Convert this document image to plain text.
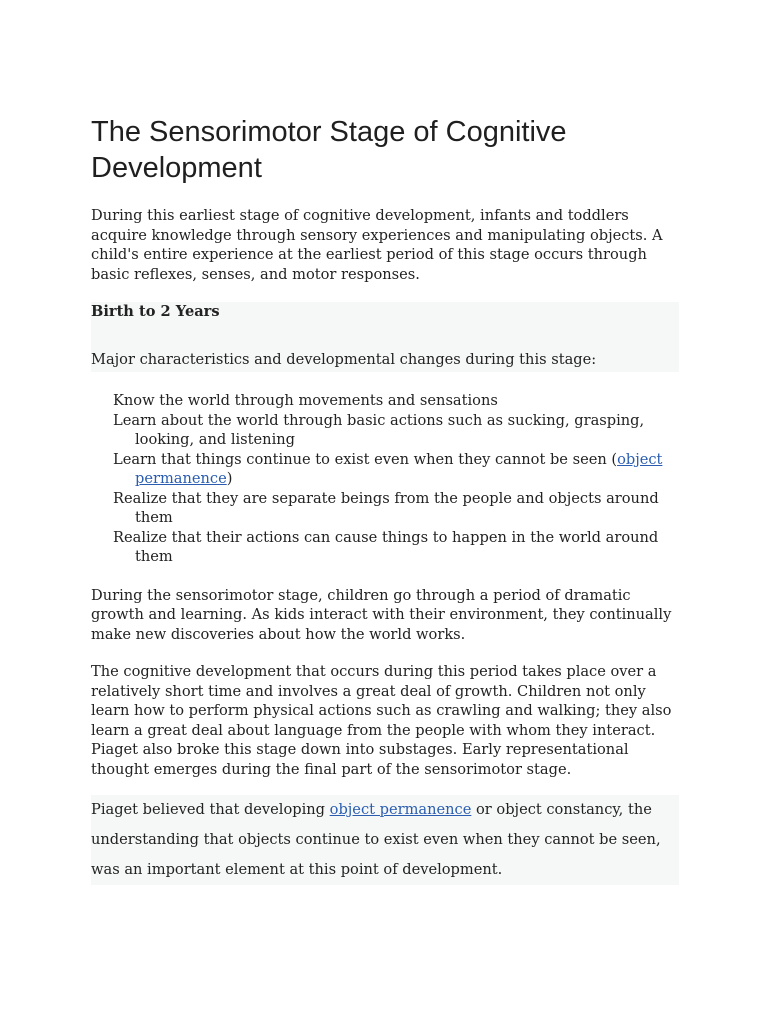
The Sensorimotor Stage of Cognitive Development

During this earliest stage of cognitive development, infants and toddlers acquire knowledge through sensory experiences and manipulating objects. A child's entire experience at the earliest period of this stage occurs through basic reflexes, senses, and motor responses.

Birth to 2 Years
Major characteristics and developmental changes during this stage:
Know the world through movements and sensations
Learn about the world through basic actions such as sucking, grasping, looking, and listening
Learn that things continue to exist even when they cannot be seen (object permanence)
Realize that they are separate beings from the people and objects around them
Realize that their actions can cause things to happen in the world around them

During the sensorimotor stage, children go through a period of dramatic growth and learning. As kids interact with their environment, they continually make new discoveries about how the world works.

The cognitive development that occurs during this period takes place over a relatively short time and involves a great deal of growth. Children not only learn how to perform physical actions such as crawling and walking; they also learn a great deal about language from the people with whom they interact. Piaget also broke this stage down into substages. Early representational thought emerges during the final part of the sensorimotor stage.

Piaget believed that developing object permanence or object constancy, the understanding that objects continue to exist even when they cannot be seen, was an important element at this point of development.
